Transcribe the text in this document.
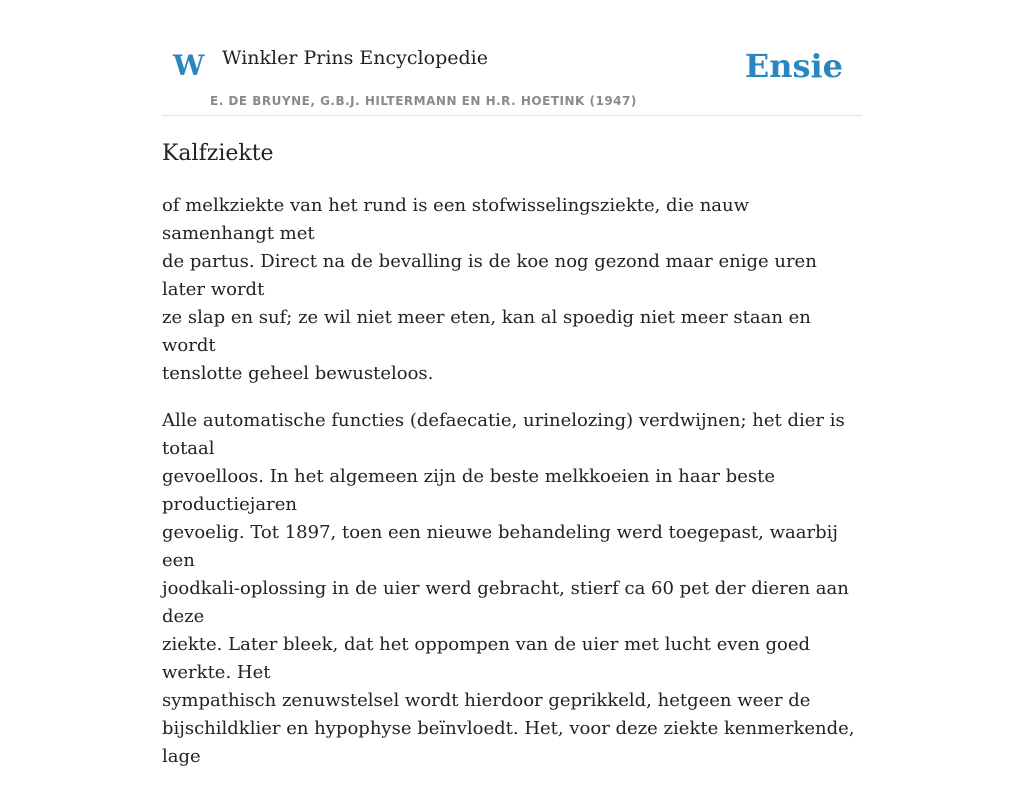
W Winkler Prins Encyclopedie
E. DE BRUYNE, G.B.J. HILTERMANN EN H.R. HOETINK (1947)
Ensie
Kalfziekte

of melkziekte van het rund is een stofwisselingsziekte, die nauw samenhangt met
de partus. Direct na de bevalling is de koe nog gezond maar enige uren later wordt
ze slap en suf; ze wil niet meer eten, kan al spoedig niet meer staan en wordt
tenslotte geheel bewusteloos.

Alle automatische functies (defaecatie, urinelozing) verdwijnen; het dier is totaal
gevoelloos. In het algemeen zijn de beste melkkoeien in haar beste productiejaren
gevoelig. Tot 1897, toen een nieuwe behandeling werd toegepast, waarbij een
joodkali-oplossing in de uier werd gebracht, stierf ca 60 pet der dieren aan deze
ziekte. Later bleek, dat het oppompen van de uier met lucht even goed werkte. Het
sympathisch zenuwstelsel wordt hierdoor geprikkeld, hetgeen weer de
bijschildklier en hypophyse beïnvloedt. Het, voor deze ziekte kenmerkende, lage
